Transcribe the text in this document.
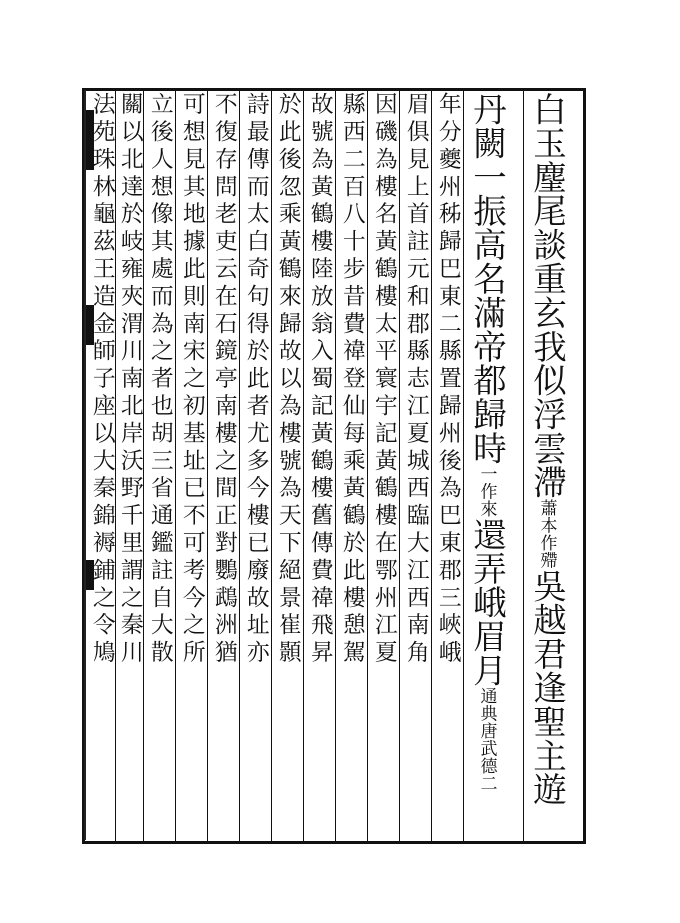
白玉麈尾談重玄我似浮雲滯蕭本作殢吳越君逢聖主遊
丹闕一振高名滿帝都歸時一作來還弄峨眉月通典唐武德二
年分夔州秭歸巴東二縣置歸州後為巴東郡三峽峨
眉俱見上首註元和郡縣志江夏城西臨大江西南角
因磯為樓名黃鶴樓太平寰宇記黃鶴樓在鄂州江夏
縣西二百八十步昔費禕登仙每乘黃鶴於此樓憩駕
故號為黃鶴樓陸放翁入蜀記黃鶴樓舊傳費禕飛昇
於此後忽乘黃鶴來歸故以為樓號為天下絕景崔顥
詩最傳而太白奇句得於此者尤多今樓已廢故址亦
不復存問老吏云在石鏡亭南樓之間正對鸚鵡洲猶
可想見其地據此則南宋之初基址已不可考今之所
立後人想像其處而為之者也胡三省通鑑註自大散
關以北達於岐雍夾渭川南北岸沃野千里謂之秦川
法苑珠林龜茲王造金師子座以大秦錦褥鋪之令鳩
